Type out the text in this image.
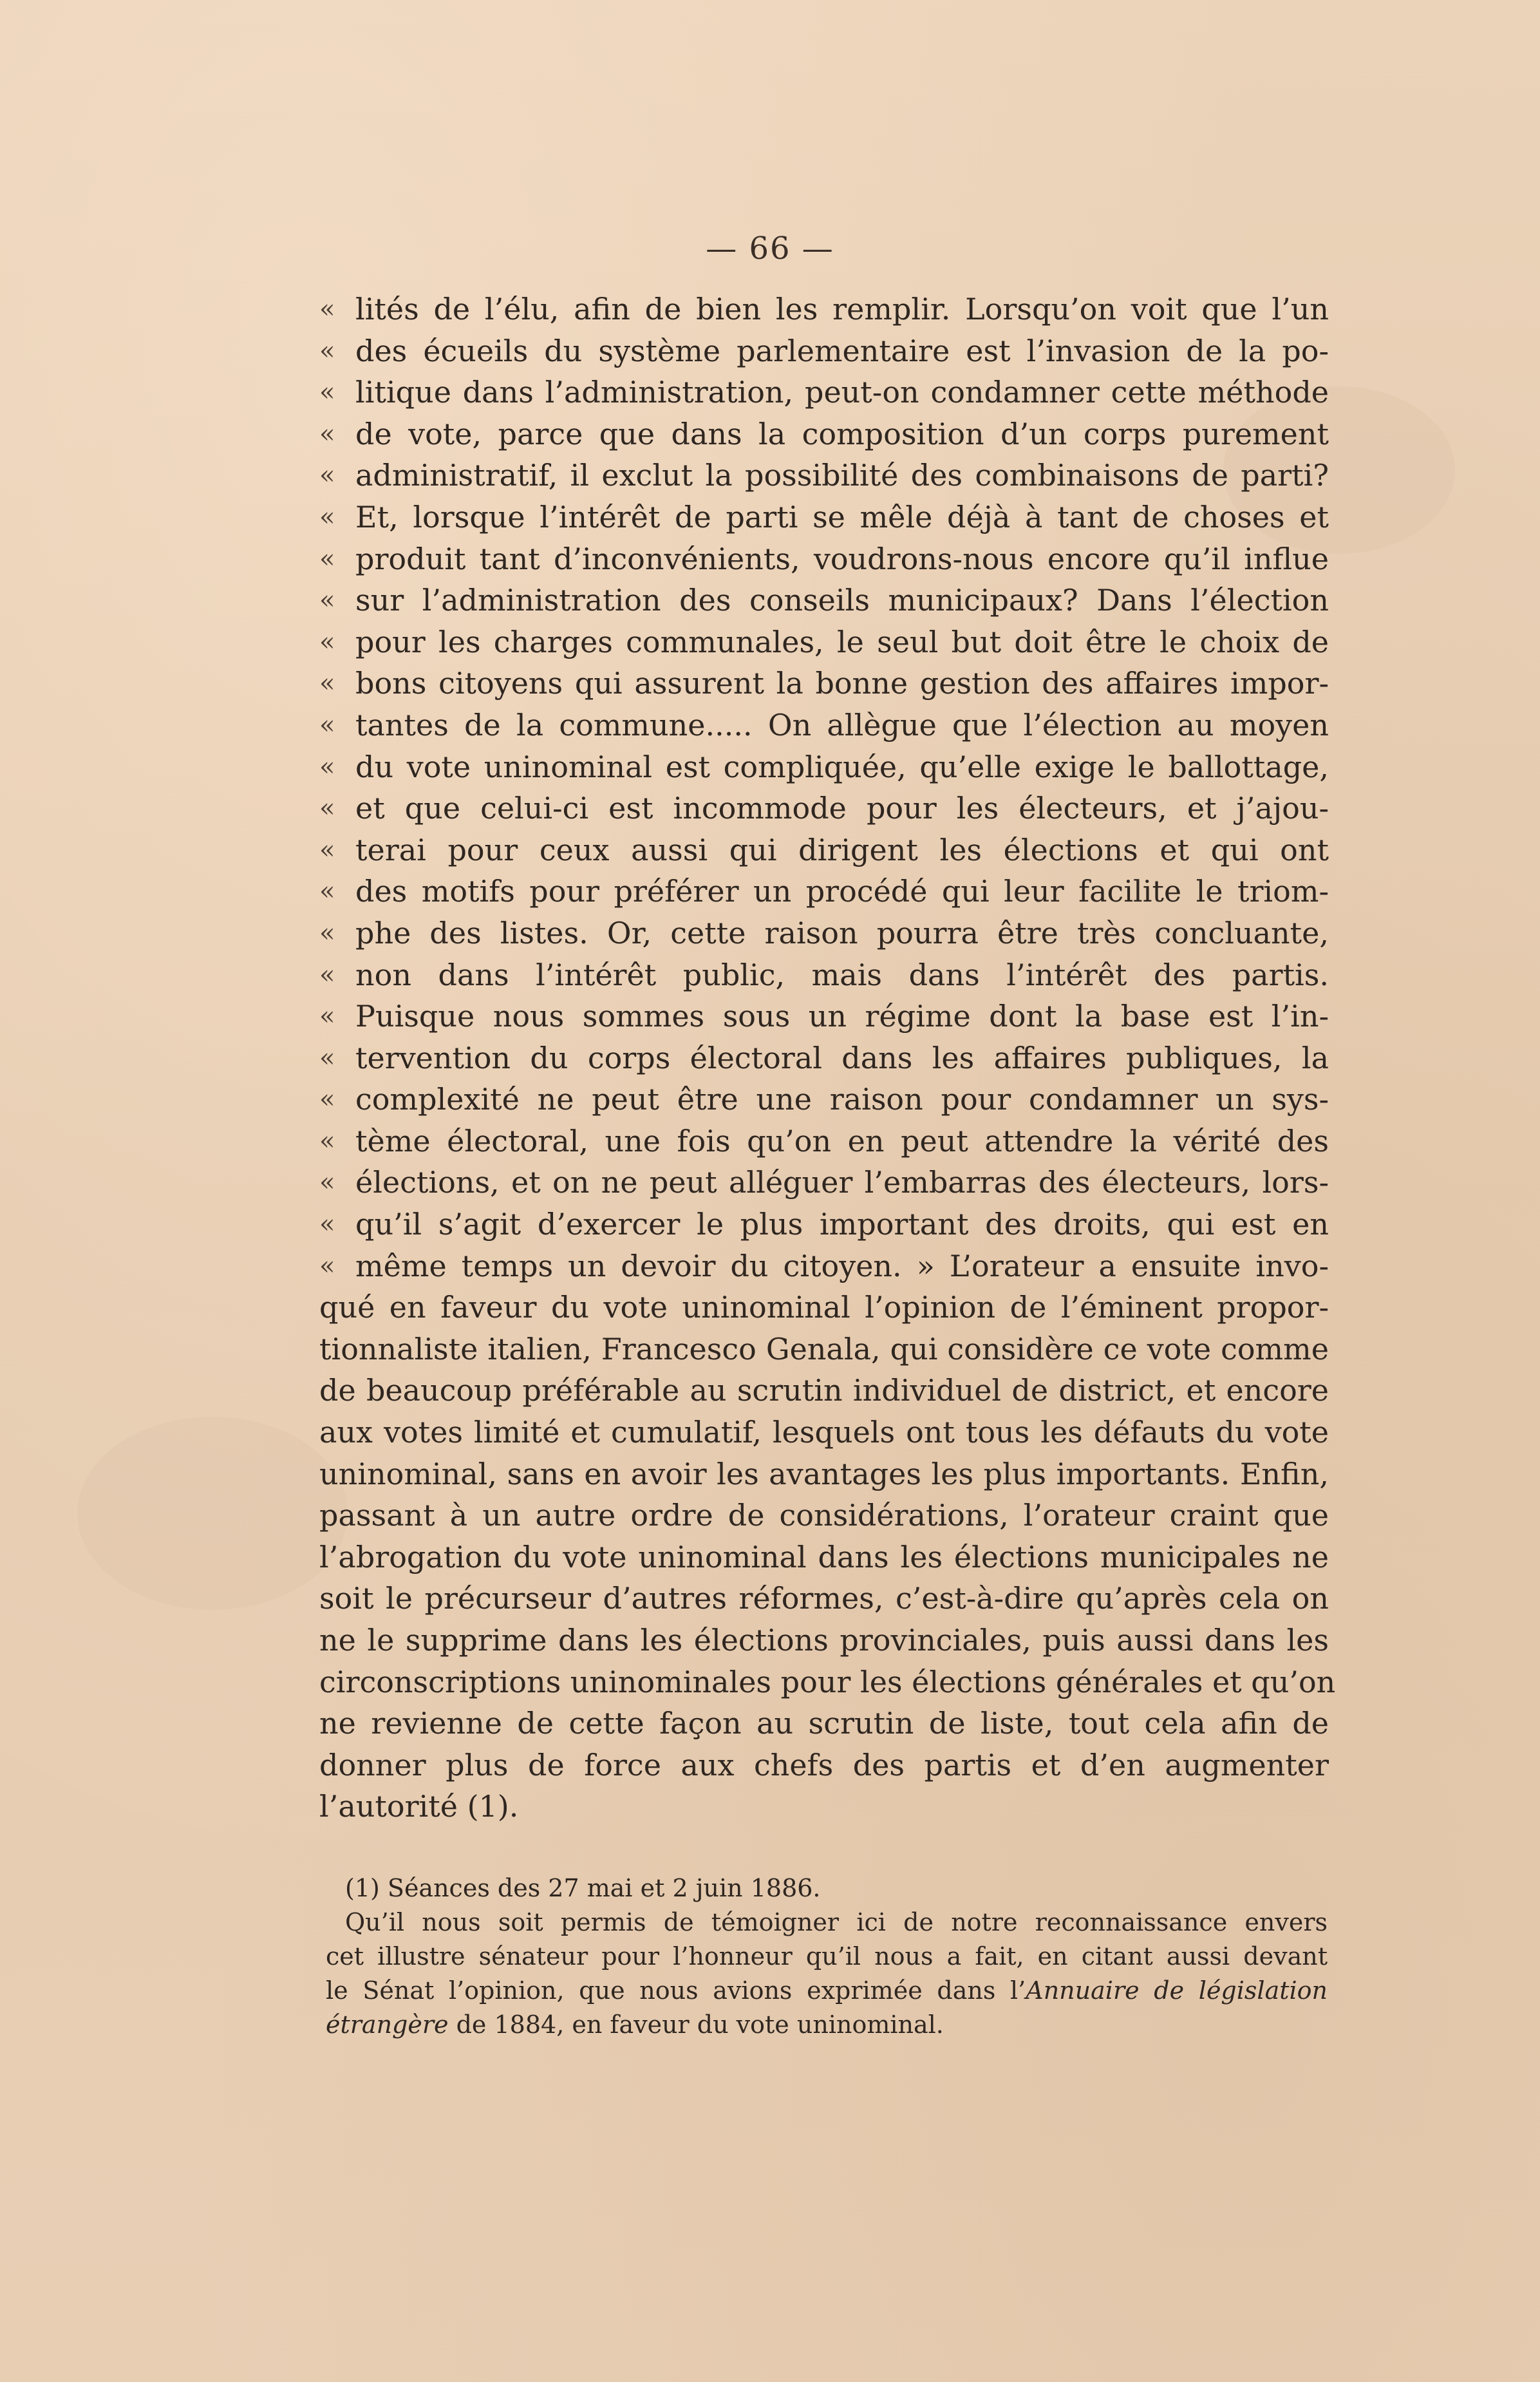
— 66 —
« lités de l’élu, afin de bien les remplir. Lorsqu’on voit que l’un
« des écueils du système parlementaire est l’invasion de la po-
« litique dans l’administration, peut-on condamner cette méthode
« de vote, parce que dans la composition d’un corps purement
« administratif, il exclut la possibilité des combinaisons de parti?
« Et, lorsque l’intérêt de parti se mêle déjà à tant de choses et
« produit tant d’inconvénients, voudrons-nous encore qu’il influe
« sur l’administration des conseils municipaux? Dans l’élection
« pour les charges communales, le seul but doit être le choix de
« bons citoyens qui assurent la bonne gestion des affaires impor-
« tantes de la commune..... On allègue que l’élection au moyen
« du vote uninominal est compliquée, qu’elle exige le ballottage,
« et que celui-ci est incommode pour les électeurs, et j’ajou-
« terai pour ceux aussi qui dirigent les élections et qui ont
« des motifs pour préférer un procédé qui leur facilite le triom-
« phe des listes. Or, cette raison pourra être très concluante,
« non dans l’intérêt public, mais dans l’intérêt des partis.
« Puisque nous sommes sous un régime dont la base est l’in-
« tervention du corps électoral dans les affaires publiques, la
« complexité ne peut être une raison pour condamner un sys-
« tème électoral, une fois qu’on en peut attendre la vérité des
« élections, et on ne peut alléguer l’embarras des électeurs, lors-
« qu’il s’agit d’exercer le plus important des droits, qui est en
« même temps un devoir du citoyen. » L’orateur a ensuite invo-
qué en faveur du vote uninominal l’opinion de l’éminent propor-
tionnaliste italien, Francesco Genala, qui considère ce vote comme
de beaucoup préférable au scrutin individuel de district, et encore
aux votes limité et cumulatif, lesquels ont tous les défauts du vote
uninominal, sans en avoir les avantages les plus importants. Enfin,
passant à un autre ordre de considérations, l’orateur craint que
l’abrogation du vote uninominal dans les élections municipales ne
soit le précurseur d’autres réformes, c’est-à-dire qu’après cela on
ne le supprime dans les élections provinciales, puis aussi dans les
circonscriptions uninominales pour les élections générales et qu’on
ne revienne de cette façon au scrutin de liste, tout cela afin de
donner plus de force aux chefs des partis et d’en augmenter
l’autorité (1).
(1) Séances des 27 mai et 2 juin 1886.
Qu’il nous soit permis de témoigner ici de notre reconnaissance envers
cet illustre sénateur pour l’honneur qu’il nous a fait, en citant aussi devant
le Sénat l’opinion, que nous avions exprimée dans l’Annuaire de législation
étrangère de 1884, en faveur du vote uninominal.
